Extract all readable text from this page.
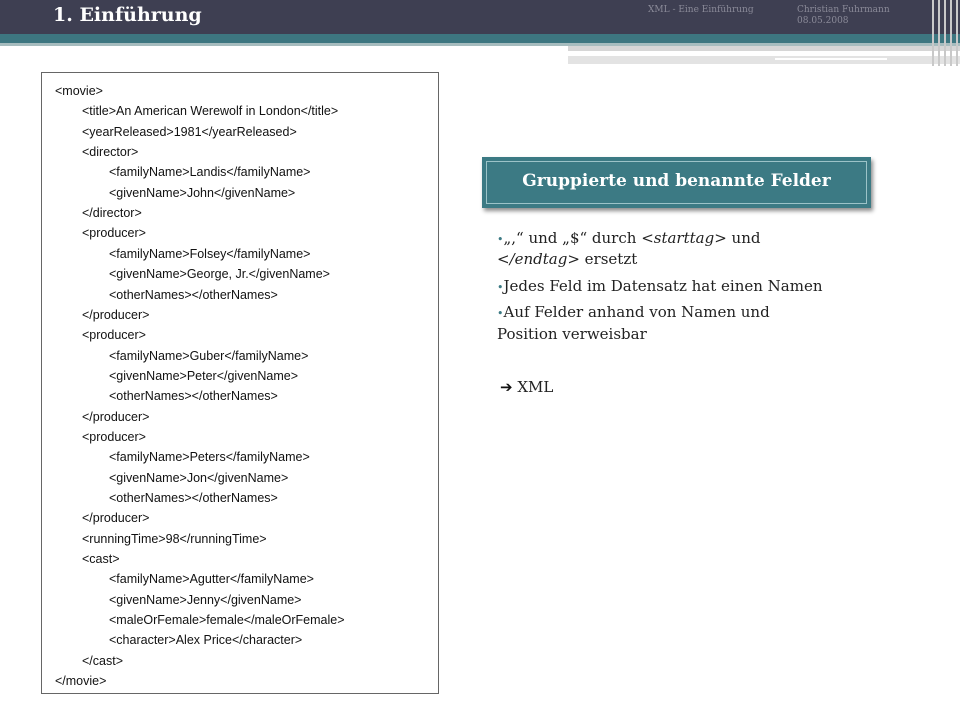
1. Einführung	XML - Eine Einführung	Christian Fuhrmann
08.05.2008
<movie>
<title>An American Werewolf in London</title>
<yearReleased>1981</yearReleased>
<director>
<familyName>Landis</familyName>
<givenName>John</givenName>
</director>
<producer>
<familyName>Folsey</familyName>
<givenName>George, Jr.</givenName>
<otherNames></otherNames>
</producer>
<producer>
<familyName>Guber</familyName>
<givenName>Peter</givenName>
<otherNames></otherNames>
</producer>
<producer>
<familyName>Peters</familyName>
<givenName>Jon</givenName>
<otherNames></otherNames>
</producer>
<runningTime>98</runningTime>
<cast>
<familyName>Agutter</familyName>
<givenName>Jenny</givenName>
<maleOrFemale>female</maleOrFemale>
<character>Alex Price</character>
</cast>
</movie>
Gruppierte und benannte Felder
•„,“ und „$“ durch <starttag> und
</endtag> ersetzt
•Jedes Feld im Datensatz hat einen Namen
•Auf Felder anhand von Namen und
Position verweisbar
➔ XML
